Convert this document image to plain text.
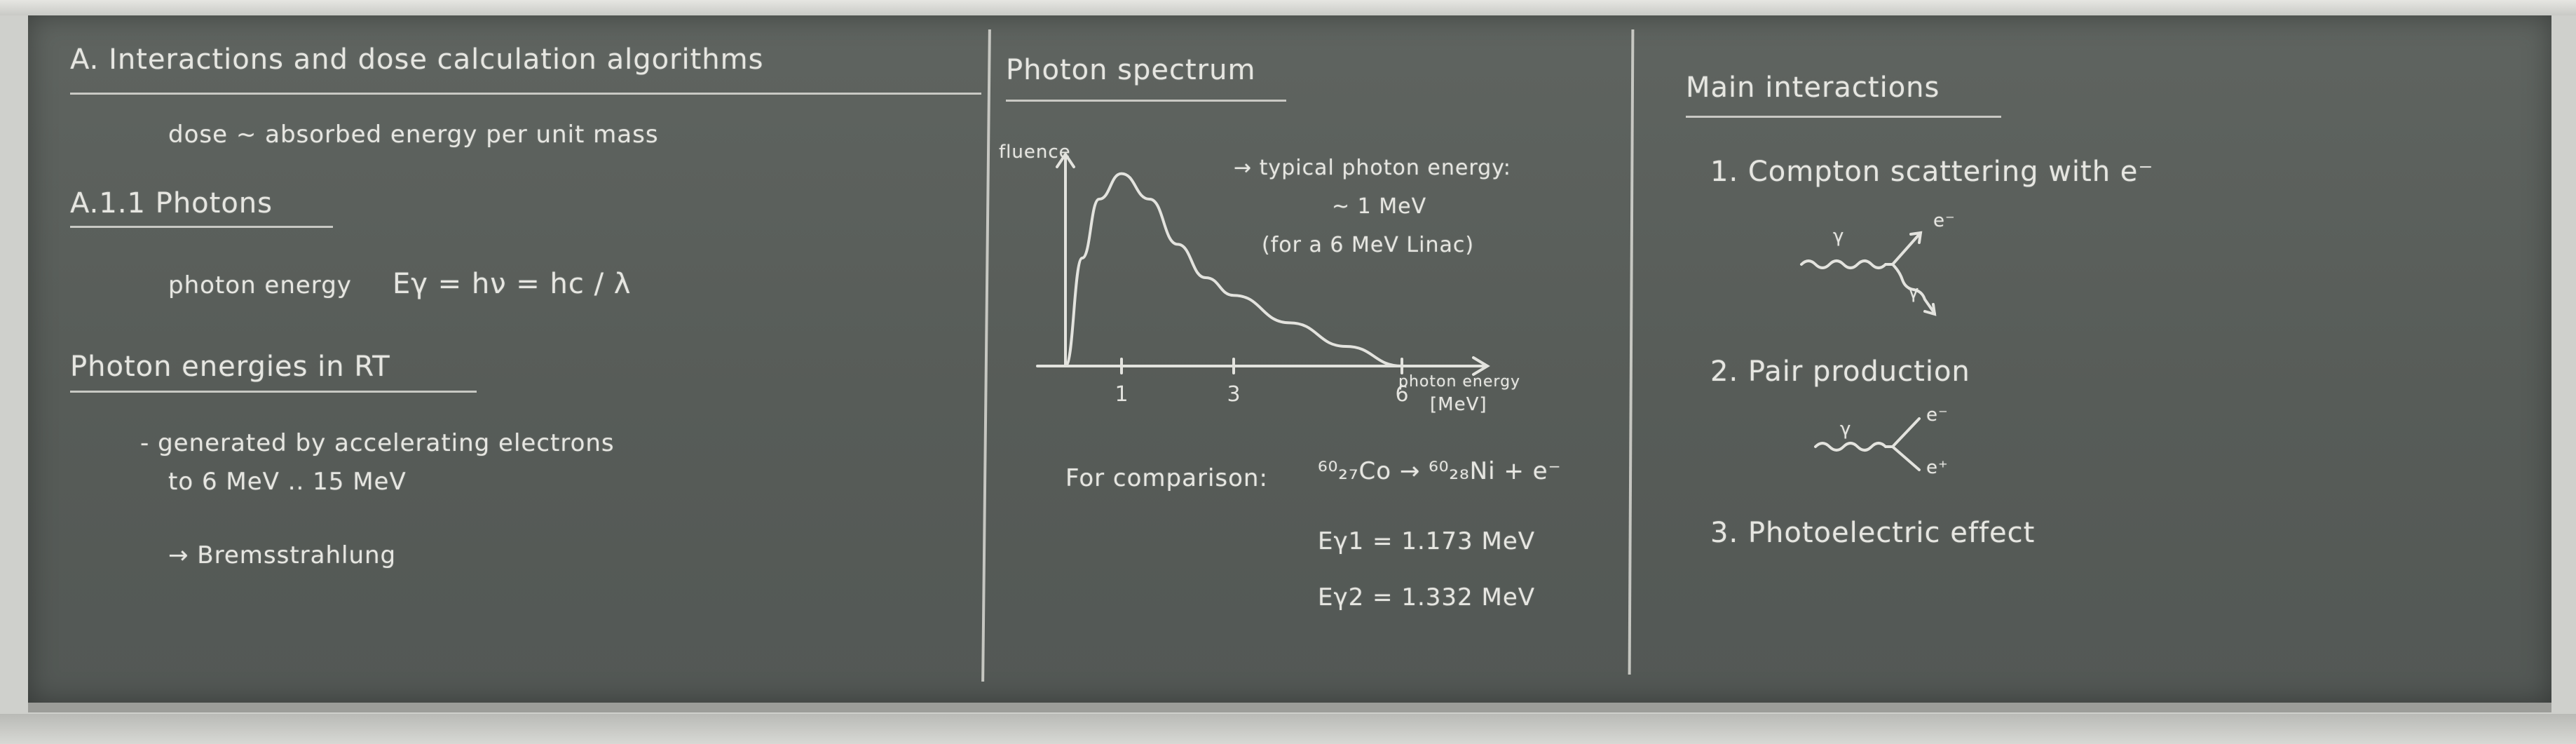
A. Interactions and dose calculation algorithms
dose ~ absorbed energy per unit mass
A.1.1 Photons
photon energy Eγ = hν = hc / λ
Photon energies in RT
- generated by accelerating electrons
to 6 MeV .. 15 MeV
→ Bremsstrahlung
Photon spectrum
fluence
1	3	6
→ typical photon energy:
~ 1 MeV
(for a 6 MeV Linac)
photon energy
[MeV]
For comparison: ⁶⁰₂₇Co → ⁶⁰₂₈Ni + e⁻
Eγ1 = 1.173 MeV
Eγ2 = 1.332 MeV
Main interactions
1. Compton scattering with e⁻
γ
e⁻
γ
2. Pair production
γ
e⁻
e⁺
3. Photoelectric effect
